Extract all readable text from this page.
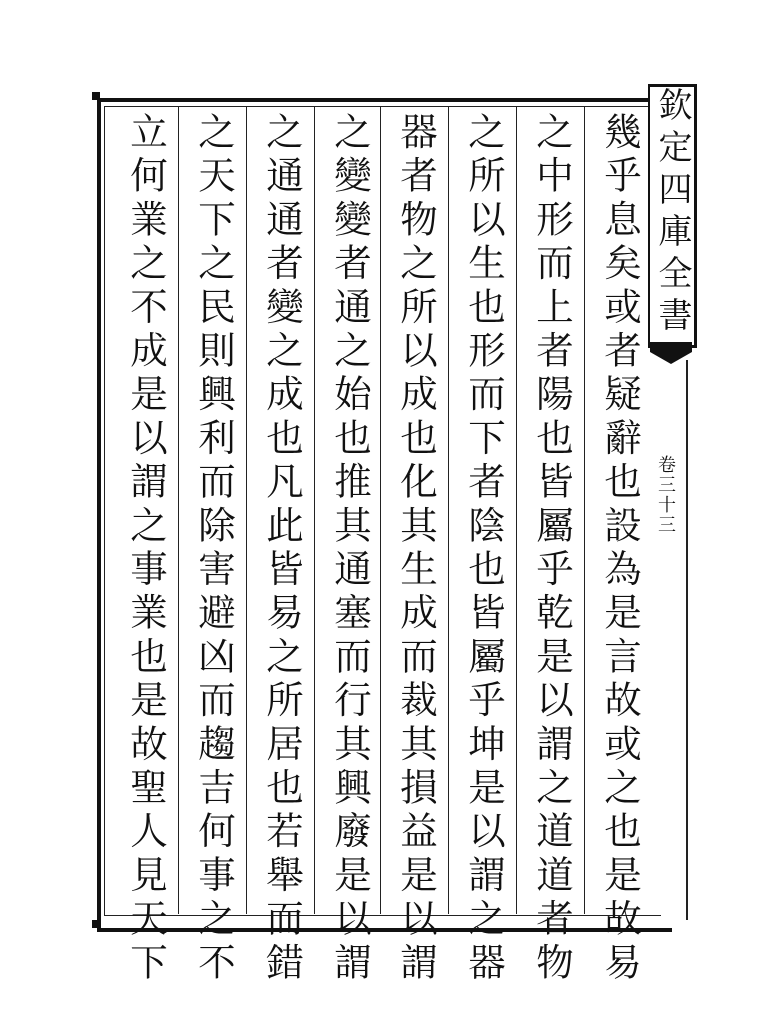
幾乎息矣或者疑辭也設為是言故或之也是故易
之中形而上者陽也皆屬乎乾是以謂之道道者物
之所以生也形而下者陰也皆屬乎坤是以謂之器
器者物之所以成也化其生成而裁其損益是以謂
之變變者通之始也推其通塞而行其興廢是以謂
之通通者變之成也凡此皆易之所居也若舉而錯
之天下之民則興利而除害避凶而趨吉何事之不
立何業之不成是以謂之事業也是故聖人見天下	欽定四庫全書
卷三十三
